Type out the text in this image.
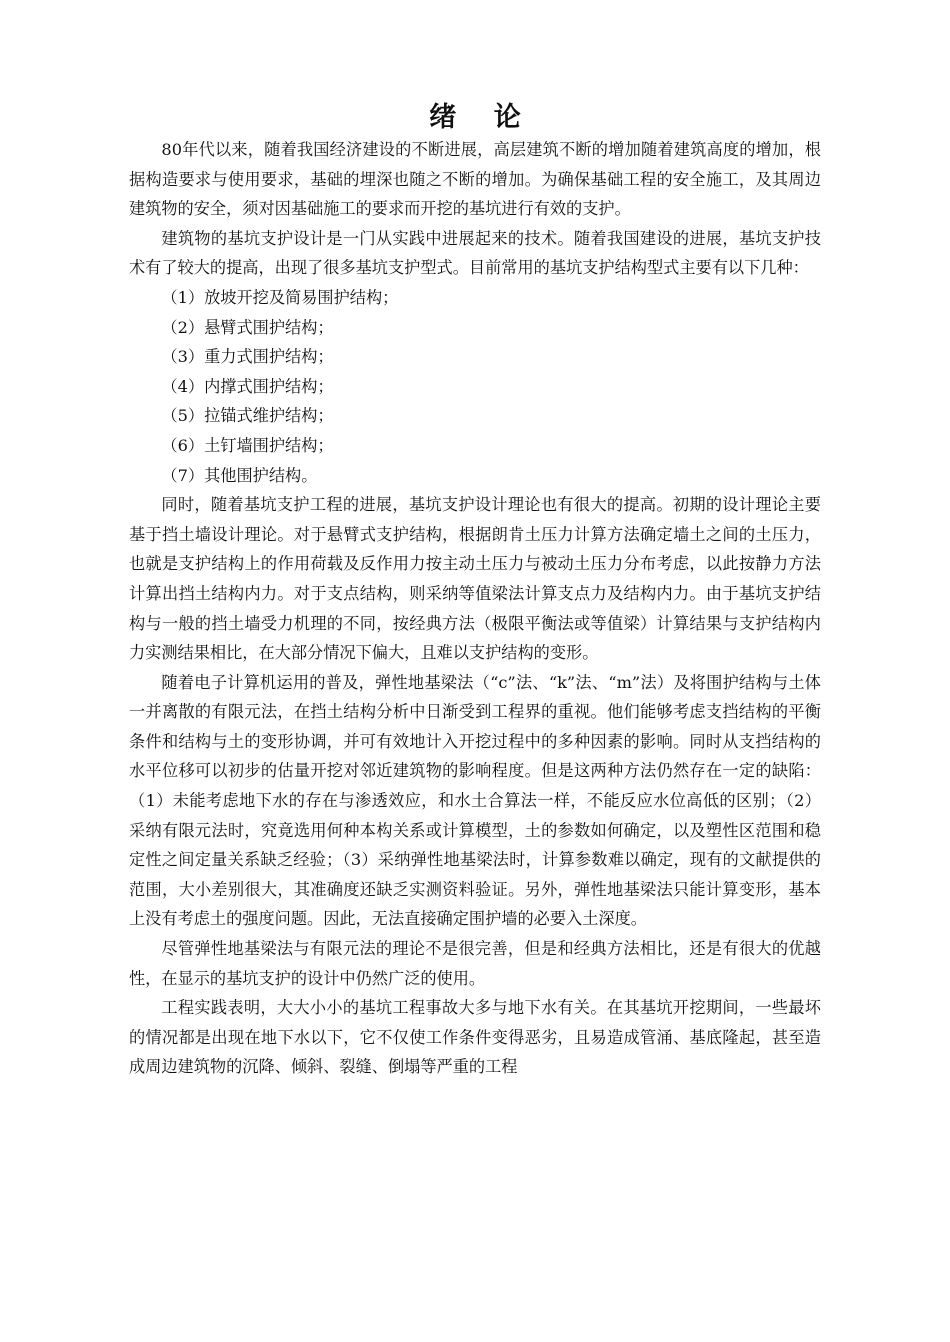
绪 论

80年代以来，随着我国经济建设的不断进展，高层建筑不断的增加随着建筑高度的增加，根据构造要求与使用要求，基础的埋深也随之不断的增加。为确保基础工程的安全施工，及其周边建筑物的安全，须对因基础施工的要求而开挖的基坑进行有效的支护。

建筑物的基坑支护设计是一门从实践中进展起来的技术。随着我国建设的进展，基坑支护技术有了较大的提高，出现了很多基坑支护型式。目前常用的基坑支护结构型式主要有以下几种：

（1）放坡开挖及简易围护结构；

（2）悬臂式围护结构；

（3）重力式围护结构；

（4）内撑式围护结构；

（5）拉锚式维护结构；

（6）土钉墙围护结构；

（7）其他围护结构。

同时，随着基坑支护工程的进展，基坑支护设计理论也有很大的提高。初期的设计理论主要基于挡土墙设计理论。对于悬臂式支护结构，根据朗肯土压力计算方法确定墙土之间的土压力，也就是支护结构上的作用荷载及反作用力按主动土压力与被动土压力分布考虑，以此按静力方法计算出挡土结构内力。对于支点结构，则采纳等值梁法计算支点力及结构内力。由于基坑支护结构与一般的挡土墙受力机理的不同，按经典方法（极限平衡法或等值梁）计算结果与支护结构内力实测结果相比，在大部分情况下偏大，且难以支护结构的变形。

随着电子计算机运用的普及，弹性地基梁法（“c”法、“k”法、“m”法）及将围护结构与土体一并离散的有限元法，在挡土结构分析中日渐受到工程界的重视。他们能够考虑支挡结构的平衡条件和结构与土的变形协调，并可有效地计入开挖过程中的多种因素的影响。同时从支挡结构的水平位移可以初步的估量开挖对邻近建筑物的影响程度。但是这两种方法仍然存在一定的缺陷：（1）未能考虑地下水的存在与渗透效应，和水土合算法一样，不能反应水位高低的区别；（2）采纳有限元法时，究竟选用何种本构关系或计算模型，土的参数如何确定，以及塑性区范围和稳定性之间定量关系缺乏经验；（3）采纳弹性地基梁法时，计算参数难以确定，现有的文献提供的范围，大小差别很大，其准确度还缺乏实测资料验证。另外，弹性地基梁法只能计算变形，基本上没有考虑土的强度问题。因此，无法直接确定围护墙的必要入土深度。

尽管弹性地基梁法与有限元法的理论不是很完善，但是和经典方法相比，还是有很大的优越性，在显示的基坑支护的设计中仍然广泛的使用。

工程实践表明，大大小小的基坑工程事故大多与地下水有关。在其基坑开挖期间，一些最坏的情况都是出现在地下水以下，它不仅使工作条件变得恶劣，且易造成管涌、基底隆起，甚至造成周边建筑物的沉降、倾斜、裂缝、倒塌等严重的工程
